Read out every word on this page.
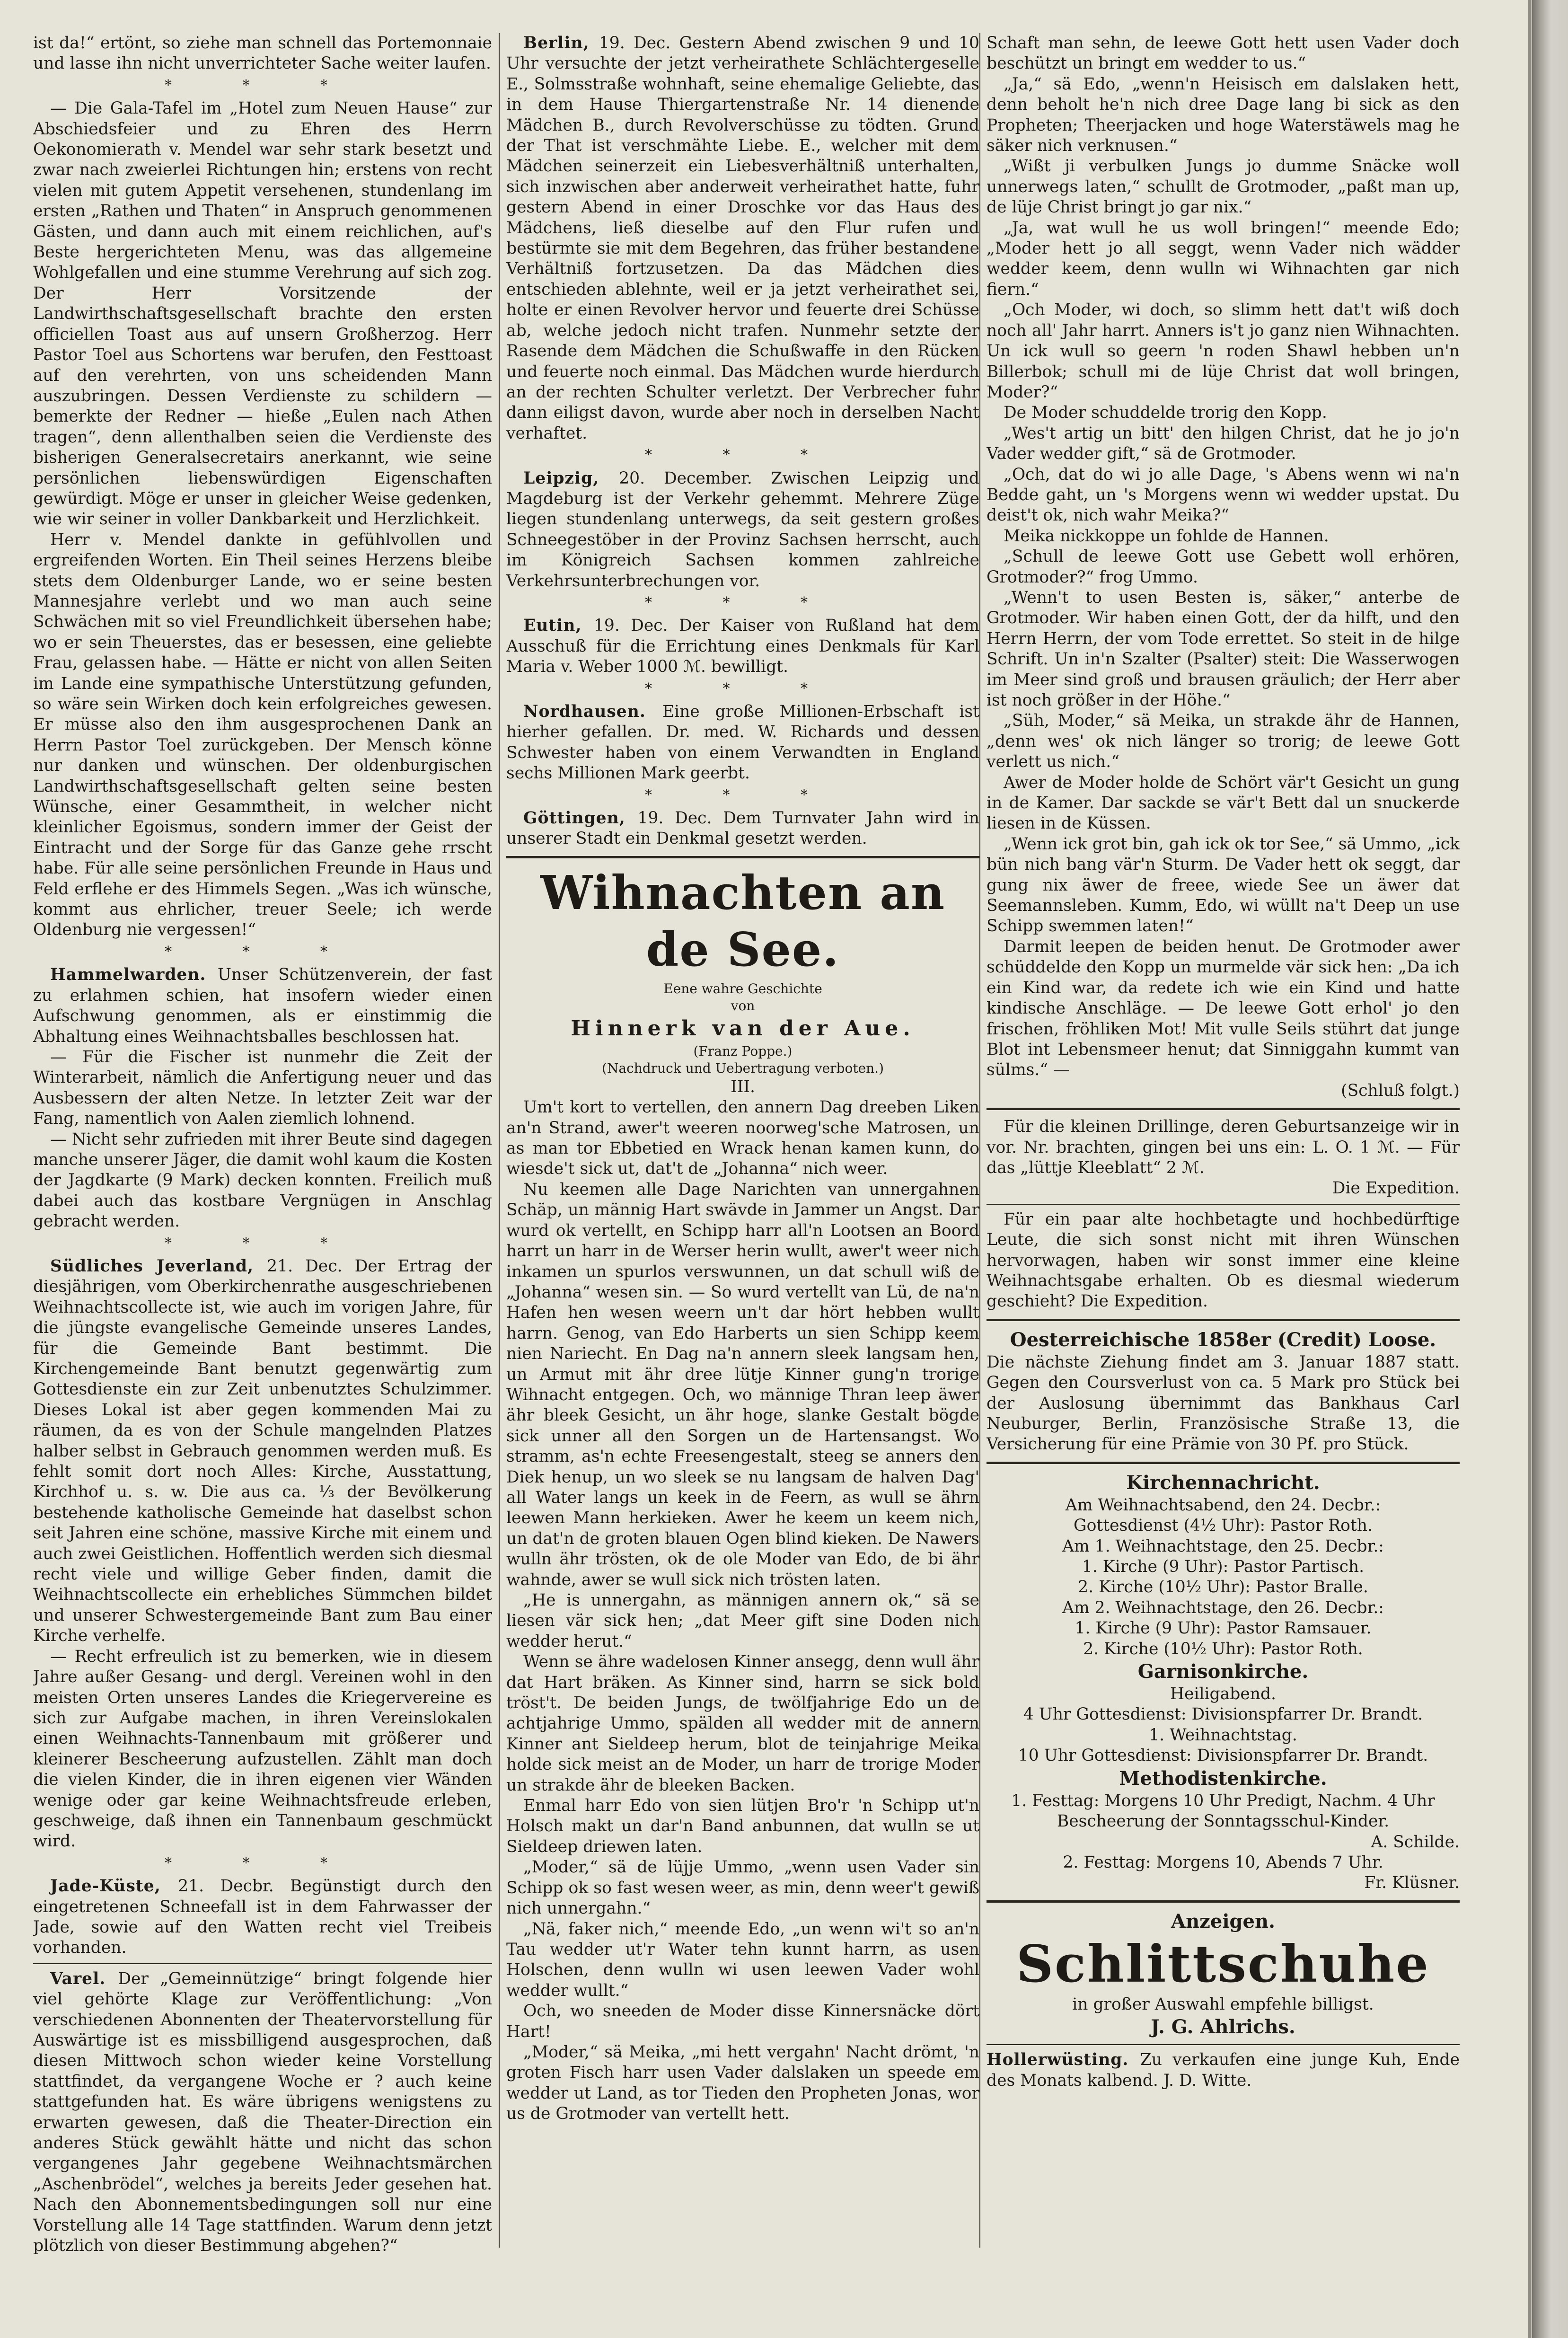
ist da!“ ertönt, so ziehe man schnell das Portemonnaie und lasse ihn nicht unverrichteter Sache weiter laufen.

* * *

— Die Gala-Tafel im „Hotel zum Neuen Hause“ zur Abschiedsfeier und zu Ehren des Herrn Oekonomierath v. Mendel war sehr stark besetzt und zwar nach zweierlei Richtungen hin; erstens von recht vielen mit gutem Appetit versehenen, stundenlang im ersten „Rathen und Thaten“ in Anspruch genommenen Gästen, und dann auch mit einem reichlichen, auf's Beste hergerichteten Menu, was das allgemeine Wohlgefallen und eine stumme Verehrung auf sich zog. Der Herr Vorsitzende der Landwirthschaftsgesellschaft brachte den ersten officiellen Toast aus auf unsern Großherzog. Herr Pastor Toel aus Schortens war berufen, den Festtoast auf den verehrten, von uns scheidenden Mann auszubringen. Dessen Verdienste zu schildern — bemerkte der Redner — hieße „Eulen nach Athen tragen“, denn allenthalben seien die Verdienste des bisherigen Generalsecretairs anerkannt, wie seine persönlichen liebenswürdigen Eigenschaften gewürdigt. Möge er unser in gleicher Weise gedenken, wie wir seiner in voller Dankbarkeit und Herzlichkeit.

Herr v. Mendel dankte in gefühlvollen und ergreifenden Worten. Ein Theil seines Herzens bleibe stets dem Oldenburger Lande, wo er seine besten Mannesjahre verlebt und wo man auch seine Schwächen mit so viel Freundlichkeit übersehen habe; wo er sein Theuerstes, das er besessen, eine geliebte Frau, gelassen habe. — Hätte er nicht von allen Seiten im Lande eine sympathische Unterstützung gefunden, so wäre sein Wirken doch kein erfolgreiches gewesen. Er müsse also den ihm ausgesprochenen Dank an Herrn Pastor Toel zurückgeben. Der Mensch könne nur danken und wünschen. Der oldenburgischen Landwirthschaftsgesellschaft gelten seine besten Wünsche, einer Gesammtheit, in welcher nicht kleinlicher Egoismus, sondern immer der Geist der Eintracht und der Sorge für das Ganze gehe rrscht habe. Für alle seine persönlichen Freunde in Haus und Feld erflehe er des Himmels Segen. „Was ich wünsche, kommt aus ehrlicher, treuer Seele; ich werde Oldenburg nie vergessen!“

* * *

Hammelwarden. Unser Schützenverein, der fast zu erlahmen schien, hat insofern wieder einen Aufschwung genommen, als er einstimmig die Abhaltung eines Weihnachtsballes beschlossen hat.

— Für die Fischer ist nunmehr die Zeit der Winterarbeit, nämlich die Anfertigung neuer und das Ausbessern der alten Netze. In letzter Zeit war der Fang, namentlich von Aalen ziemlich lohnend.

— Nicht sehr zufrieden mit ihrer Beute sind dagegen manche unserer Jäger, die damit wohl kaum die Kosten der Jagdkarte (9 Mark) decken konnten. Freilich muß dabei auch das kostbare Vergnügen in Anschlag gebracht werden.

* * *

Südliches Jeverland, 21. Dec. Der Ertrag der diesjährigen, vom Oberkirchenrathe ausgeschriebenen Weihnachtscollecte ist, wie auch im vorigen Jahre, für die jüngste evangelische Gemeinde unseres Landes, für die Gemeinde Bant bestimmt. Die Kirchengemeinde Bant benutzt gegenwärtig zum Gottesdienste ein zur Zeit unbenutztes Schulzimmer. Dieses Lokal ist aber gegen kommenden Mai zu räumen, da es von der Schule mangelnden Platzes halber selbst in Gebrauch genommen werden muß. Es fehlt somit dort noch Alles: Kirche, Ausstattung, Kirchhof u. s. w. Die aus ca. ⅓ der Bevölkerung bestehende katholische Gemeinde hat daselbst schon seit Jahren eine schöne, massive Kirche mit einem und auch zwei Geistlichen. Hoffentlich werden sich diesmal recht viele und willige Geber finden, damit die Weihnachtscollecte ein erhebliches Sümmchen bildet und unserer Schwestergemeinde Bant zum Bau einer Kirche verhelfe.

— Recht erfreulich ist zu bemerken, wie in diesem Jahre außer Gesang- und dergl. Vereinen wohl in den meisten Orten unseres Landes die Kriegervereine es sich zur Aufgabe machen, in ihren Vereinslokalen einen Weihnachts-Tannenbaum mit größerer und kleinerer Bescheerung aufzustellen. Zählt man doch die vielen Kinder, die in ihren eigenen vier Wänden wenige oder gar keine Weihnachtsfreude erleben, geschweige, daß ihnen ein Tannenbaum geschmückt wird.

* * *

Jade-Küste, 21. Decbr. Begünstigt durch den eingetretenen Schneefall ist in dem Fahrwasser der Jade, sowie auf den Watten recht viel Treibeis vorhanden.

Varel. Der „Gemeinnützige“ bringt folgende hier viel gehörte Klage zur Veröffentlichung: „Von verschiedenen Abonnenten der Theatervorstellung für Auswärtige ist es missbilligend ausgesprochen, daß diesen Mittwoch schon wieder keine Vorstellung stattfindet, da vergangene Woche er ? auch keine stattgefunden hat. Es wäre übrigens wenigstens zu erwarten gewesen, daß die Theater-Direction ein anderes Stück gewählt hätte und nicht das schon vergangenes Jahr gegebene Weihnachtsmärchen „Aschenbrödel“, welches ja bereits Jeder gesehen hat. Nach den Abonnementsbedingungen soll nur eine Vorstellung alle 14 Tage stattfinden. Warum denn jetzt plötzlich von dieser Bestimmung abgehen?“

Berlin, 19. Dec. Gestern Abend zwischen 9 und 10 Uhr versuchte der jetzt verheirathete Schlächtergeselle E., Solmsstraße wohnhaft, seine ehemalige Geliebte, das in dem Hause Thiergartenstraße Nr. 14 dienende Mädchen B., durch Revolverschüsse zu tödten. Grund der That ist verschmähte Liebe. E., welcher mit dem Mädchen seinerzeit ein Liebesverhältniß unterhalten, sich inzwischen aber anderweit verheirathet hatte, fuhr gestern Abend in einer Droschke vor das Haus des Mädchens, ließ dieselbe auf den Flur rufen und bestürmte sie mit dem Begehren, das früher bestandene Verhältniß fortzusetzen. Da das Mädchen dies entschieden ablehnte, weil er ja jetzt verheirathet sei, holte er einen Revolver hervor und feuerte drei Schüsse ab, welche jedoch nicht trafen. Nunmehr setzte der Rasende dem Mädchen die Schußwaffe in den Rücken und feuerte noch einmal. Das Mädchen wurde hierdurch an der rechten Schulter verletzt. Der Verbrecher fuhr dann eiligst davon, wurde aber noch in derselben Nacht verhaftet.

* * *

Leipzig, 20. December. Zwischen Leipzig und Magdeburg ist der Verkehr gehemmt. Mehrere Züge liegen stundenlang unterwegs, da seit gestern großes Schneegestöber in der Provinz Sachsen herrscht, auch im Königreich Sachsen kommen zahlreiche Verkehrsunterbrechungen vor.

* * *

Eutin, 19. Dec. Der Kaiser von Rußland hat dem Ausschuß für die Errichtung eines Denkmals für Karl Maria v. Weber 1000 ℳ. bewilligt.

* * *

Nordhausen. Eine große Millionen-Erbschaft ist hierher gefallen. Dr. med. W. Richards und dessen Schwester haben von einem Verwandten in England sechs Millionen Mark geerbt.

* * *

Göttingen, 19. Dec. Dem Turnvater Jahn wird in unserer Stadt ein Denkmal gesetzt werden.

Wihnachten an de See.

Eene wahre Geschichte

von

Hinnerk van der Aue.

(Franz Poppe.)

(Nachdruck und Uebertragung verboten.)

III.

Um't kort to vertellen, den annern Dag dreeben Liken an'n Strand, awer't weeren noorweg'sche Matrosen, un as man tor Ebbetied en Wrack henan kamen kunn, do wiesde't sick ut, dat't de „Johanna“ nich weer.

Nu keemen alle Dage Narichten van unnergahnen Schäp, un männig Hart swävde in Jammer un Angst. Dar wurd ok vertellt, en Schipp harr all'n Lootsen an Boord harrt un harr in de Werser herin wullt, awer't weer nich inkamen un spurlos verswunnen, un dat schull wiß de „Johanna“ wesen sin. — So wurd vertellt van Lü, de na'n Hafen hen wesen weern un't dar hört hebben wullt harrn. Genog, van Edo Harberts un sien Schipp keem nien Nariecht. En Dag na'n annern sleek langsam hen, un Armut mit ähr dree lütje Kinner gung'n trorige Wihnacht entgegen. Och, wo männige Thran leep äwer ähr bleek Gesicht, un ähr hoge, slanke Gestalt bögde sick unner all den Sorgen un de Hartensangst. Wo stramm, as'n echte Freesengestalt, steeg se anners den Diek henup, un wo sleek se nu langsam de halven Dag' all Water langs un keek in de Feern, as wull se ährn leewen Mann herkieken. Awer he keem un keem nich, un dat'n de groten blauen Ogen blind kieken. De Nawers wulln ähr trösten, ok de ole Moder van Edo, de bi ähr wahnde, awer se wull sick nich trösten laten.

„He is unnergahn, as männigen annern ok,“ sä se liesen vär sick hen; „dat Meer gift sine Doden nich wedder herut.“

Wenn se ähre wadelosen Kinner ansegg, denn wull ähr dat Hart bräken. As Kinner sind, harrn se sick bold tröst't. De beiden Jungs, de twölfjahrige Edo un de achtjahrige Ummo, spälden all wedder mit de annern Kinner ant Sieldeep herum, blot de teinjahrige Meika holde sick meist an de Moder, un harr de trorige Moder un strakde ähr de bleeken Backen.

Enmal harr Edo von sien lütjen Bro'r 'n Schipp ut'n Holsch makt un dar'n Band anbunnen, dat wulln se ut Sieldeep driewen laten.

„Moder,“ sä de lüjje Ummo, „wenn usen Vader sin Schipp ok so fast wesen weer, as min, denn weer't gewiß nich unnergahn.“

„Nä, faker nich,“ meende Edo, „un wenn wi't so an'n Tau wedder ut'r Water tehn kunnt harrn, as usen Holschen, denn wulln wi usen leewen Vader wohl wedder wullt.“

Och, wo sneeden de Moder disse Kinnersnäcke dört Hart!

„Moder,“ sä Meika, „mi hett vergahn' Nacht drömt, 'n groten Fisch harr usen Vader dalslaken un speede em wedder ut Land, as tor Tieden den Propheten Jonas, wor us de Grotmoder van vertellt hett.

Schaft man sehn, de leewe Gott hett usen Vader doch beschützt un bringt em wedder to us.“

„Ja,“ sä Edo, „wenn'n Heisisch em dalslaken hett, denn beholt he'n nich dree Dage lang bi sick as den Propheten; Theerjacken und hoge Waterstäwels mag he säker nich verknusen.“

„Wißt ji verbulken Jungs jo dumme Snäcke woll unnerwegs laten,“ schullt de Grotmoder, „paßt man up, de lüje Christ bringt jo gar nix.“

„Ja, wat wull he us woll bringen!“ meende Edo; „Moder hett jo all seggt, wenn Vader nich wädder wedder keem, denn wulln wi Wihnachten gar nich fiern.“

„Och Moder, wi doch, so slimm hett dat't wiß doch noch all' Jahr harrt. Anners is't jo ganz nien Wihnachten. Un ick wull so geern 'n roden Shawl hebben un'n Billerbok; schull mi de lüje Christ dat woll bringen, Moder?“

De Moder schuddelde trorig den Kopp.

„Wes't artig un bitt' den hilgen Christ, dat he jo jo'n Vader wedder gift,“ sä de Grotmoder.

„Och, dat do wi jo alle Dage, 's Abens wenn wi na'n Bedde gaht, un 's Morgens wenn wi wedder upstat. Du deist't ok, nich wahr Meika?“

Meika nickkoppe un fohlde de Hannen.

„Schull de leewe Gott use Gebett woll erhören, Grotmoder?“ frog Ummo.

„Wenn't to usen Besten is, säker,“ anterbe de Grotmoder. Wir haben einen Gott, der da hilft, und den Herrn Herrn, der vom Tode errettet. So steit in de hilge Schrift. Un in'n Szalter (Psalter) steit: Die Wasserwogen im Meer sind groß und brausen gräulich; der Herr aber ist noch größer in der Höhe.“

„Süh, Moder,“ sä Meika, un strakde ähr de Hannen, „denn wes' ok nich länger so trorig; de leewe Gott verlett us nich.“

Awer de Moder holde de Schört vär't Gesicht un gung in de Kamer. Dar sackde se vär't Bett dal un snuckerde liesen in de Küssen.

„Wenn ick grot bin, gah ick ok tor See,“ sä Ummo, „ick bün nich bang vär'n Sturm. De Vader hett ok seggt, dar gung nix äwer de freee, wiede See un äwer dat Seemannsleben. Kumm, Edo, wi wüllt na't Deep un use Schipp swemmen laten!“

Darmit leepen de beiden henut. De Grotmoder awer schüddelde den Kopp un murmelde vär sick hen: „Da ich ein Kind war, da redete ich wie ein Kind und hatte kindische Anschläge. — De leewe Gott erhol' jo den frischen, fröhliken Mot! Mit vulle Seils stührt dat junge Blot int Lebensmeer henut; dat Sinniggahn kummt van sülms.“ —

(Schluß folgt.)

Für die kleinen Drillinge, deren Geburtsanzeige wir in vor. Nr. brachten, gingen bei uns ein: L. O. 1 ℳ. — Für das „lüttje Kleeblatt“ 2 ℳ.

Die Expedition.

Für ein paar alte hochbetagte und hochbedürftige Leute, die sich sonst nicht mit ihren Wünschen hervorwagen, haben wir sonst immer eine kleine Weihnachtsgabe erhalten. Ob es diesmal wiederum geschieht? Die Expedition.

Oesterreichische 1858er (Credit) Loose.

Die nächste Ziehung findet am 3. Januar 1887 statt. Gegen den Coursverlust von ca. 5 Mark pro Stück bei der Auslosung übernimmt das Bankhaus Carl Neuburger, Berlin, Französische Straße 13, die Versicherung für eine Prämie von 30 Pf. pro Stück.

Kirchennachricht.

Am Weihnachtsabend, den 24. Decbr.:

Gottesdienst (4½ Uhr): Pastor Roth.

Am 1. Weihnachtstage, den 25. Decbr.:

1. Kirche (9 Uhr): Pastor Partisch.

2. Kirche (10½ Uhr): Pastor Bralle.

Am 2. Weihnachtstage, den 26. Decbr.:

1. Kirche (9 Uhr): Pastor Ramsauer.

2. Kirche (10½ Uhr): Pastor Roth.

Garnisonkirche.

Heiligabend.

4 Uhr Gottesdienst: Divisionspfarrer Dr. Brandt.

1. Weihnachtstag.

10 Uhr Gottesdienst: Divisionspfarrer Dr. Brandt.

Methodistenkirche.

1. Festtag: Morgens 10 Uhr Predigt, Nachm. 4 Uhr Bescheerung der Sonntagsschul-Kinder.

A. Schilde.

2. Festtag: Morgens 10, Abends 7 Uhr.

Fr. Klüsner.

Anzeigen.
Schlittschuhe

in großer Auswahl empfehle billigst.

J. G. Ahlrichs.

Hollerwüsting. Zu verkaufen eine junge Kuh, Ende des Monats kalbend. J. D. Witte.
